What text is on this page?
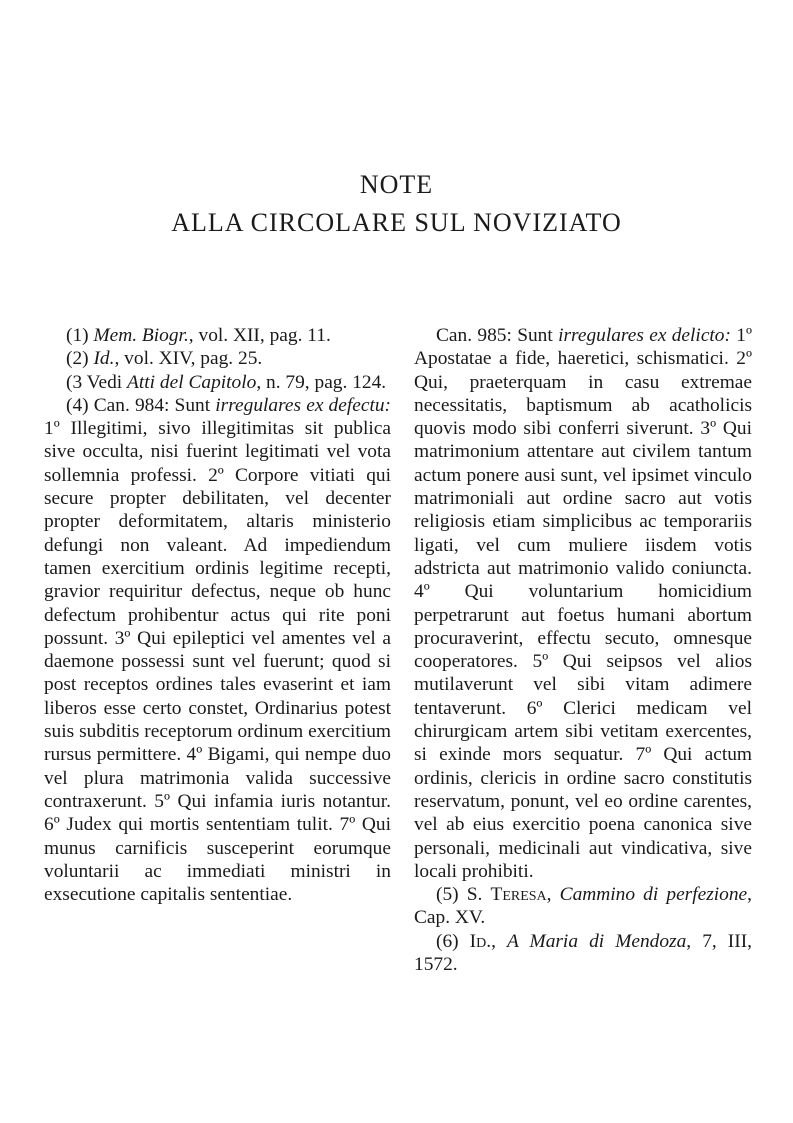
NOTE
ALLA CIRCOLARE SUL NOVIZIATO

(1) Mem. Biogr., vol. XII, pag. 11.

(2) Id., vol. XIV, pag. 25.

(3 Vedi Atti del Capitolo, n. 79, pag. 124.

(4) Can. 984: Sunt irregulares ex defectu: 1º Illegitimi, sivo illegitimitas sit publica sive occulta, nisi fuerint legitimati vel vota sollemnia professi. 2º Corpore vitiati qui secure propter debilitaten, vel decenter propter deformitatem, altaris ministerio defungi non valeant. Ad impediendum tamen exercitium ordinis legitime recepti, gravior requiritur defectus, neque ob hunc defectum prohibentur actus qui rite poni possunt. 3º Qui epileptici vel amentes vel a daemone possessi sunt vel fuerunt; quod si post receptos ordines tales evaserint et iam liberos esse certo constet, Ordinarius potest suis subditis receptorum ordinum exercitium rursus permittere. 4º Bigami, qui nempe duo vel plura matrimonia valida successive contraxerunt. 5º Qui infamia iuris notantur. 6º Judex qui mortis sententiam tulit. 7º Qui munus carnificis susceperint eorumque voluntarii ac immediati ministri in exsecutione capitalis sententiae.

Can. 985: Sunt irregulares ex delicto: 1º Apostatae a fide, haeretici, schismatici. 2º Qui, praeterquam in casu extremae necessitatis, baptismum ab acatholicis quovis modo sibi conferri siverunt. 3º Qui matrimonium attentare aut civilem tantum actum ponere ausi sunt, vel ipsimet vinculo matrimoniali aut ordine sacro aut votis religiosis etiam simplicibus ac temporariis ligati, vel cum muliere iisdem votis adstricta aut matrimonio valido coniuncta. 4º Qui voluntarium homicidium perpetrarunt aut foetus humani abortum procuraverint, effectu secuto, omnesque cooperatores. 5º Qui seipsos vel alios mutilaverunt vel sibi vitam adimere tentaverunt. 6º Clerici medicam vel chirurgicam artem sibi vetitam exercentes, si exinde mors sequatur. 7º Qui actum ordinis, clericis in ordine sacro constitutis reservatum, ponunt, vel eo ordine carentes, vel ab eius exercitio poena canonica sive personali, medicinali aut vindicativa, sive locali prohibiti.

(5) S. Teresa, Cammino di perfezione, Cap. XV.

(6) Id., A Maria di Mendoza, 7, III, 1572.
